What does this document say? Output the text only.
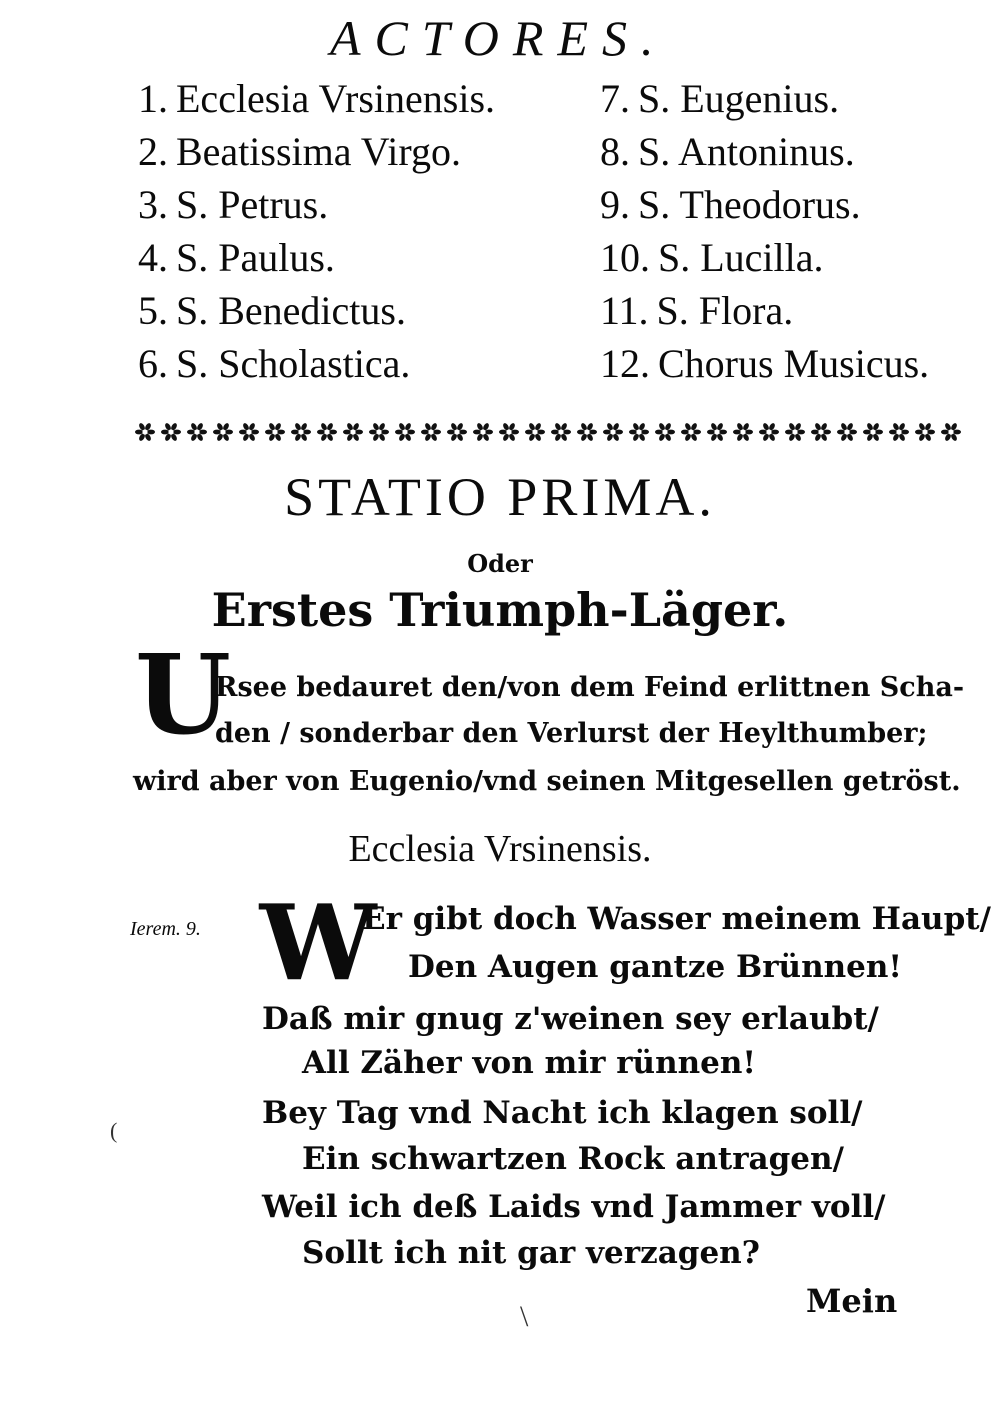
ACTORES.
1. Ecclesia Vrsinensis.
2. Beatissima Virgo.
3. S. Petrus.
4. S. Paulus.
5. S. Benedictus.
6. S. Scholastica.
7. S. Eugenius.
8. S. Antoninus.
9. S. Theodorus.
10. S. Lucilla.
11. S. Flora.
12. Chorus Musicus.
STATIO PRIMA.
Oder
Erstes Triumph-Läger.
U
Rsee bedauret den/von dem Feind erlittnen Scha-
den / sonderbar den Verlurst der Heylthumber;
wird aber von Eugenio/vnd seinen Mitgesellen getröst.
Ecclesia Vrsinensis.
Ierem. 9. W
Er gibt doch Wasser meinem Haupt/
Den Augen gantze Brünnen!
Daß mir gnug z'weinen sey erlaubt/
All Zäher von mir rünnen!
Bey Tag vnd Nacht ich klagen soll/
Ein schwartzen Rock antragen/
Weil ich deß Laids vnd Jammer voll/
Sollt ich nit gar verzagen?
Mein
(
\
